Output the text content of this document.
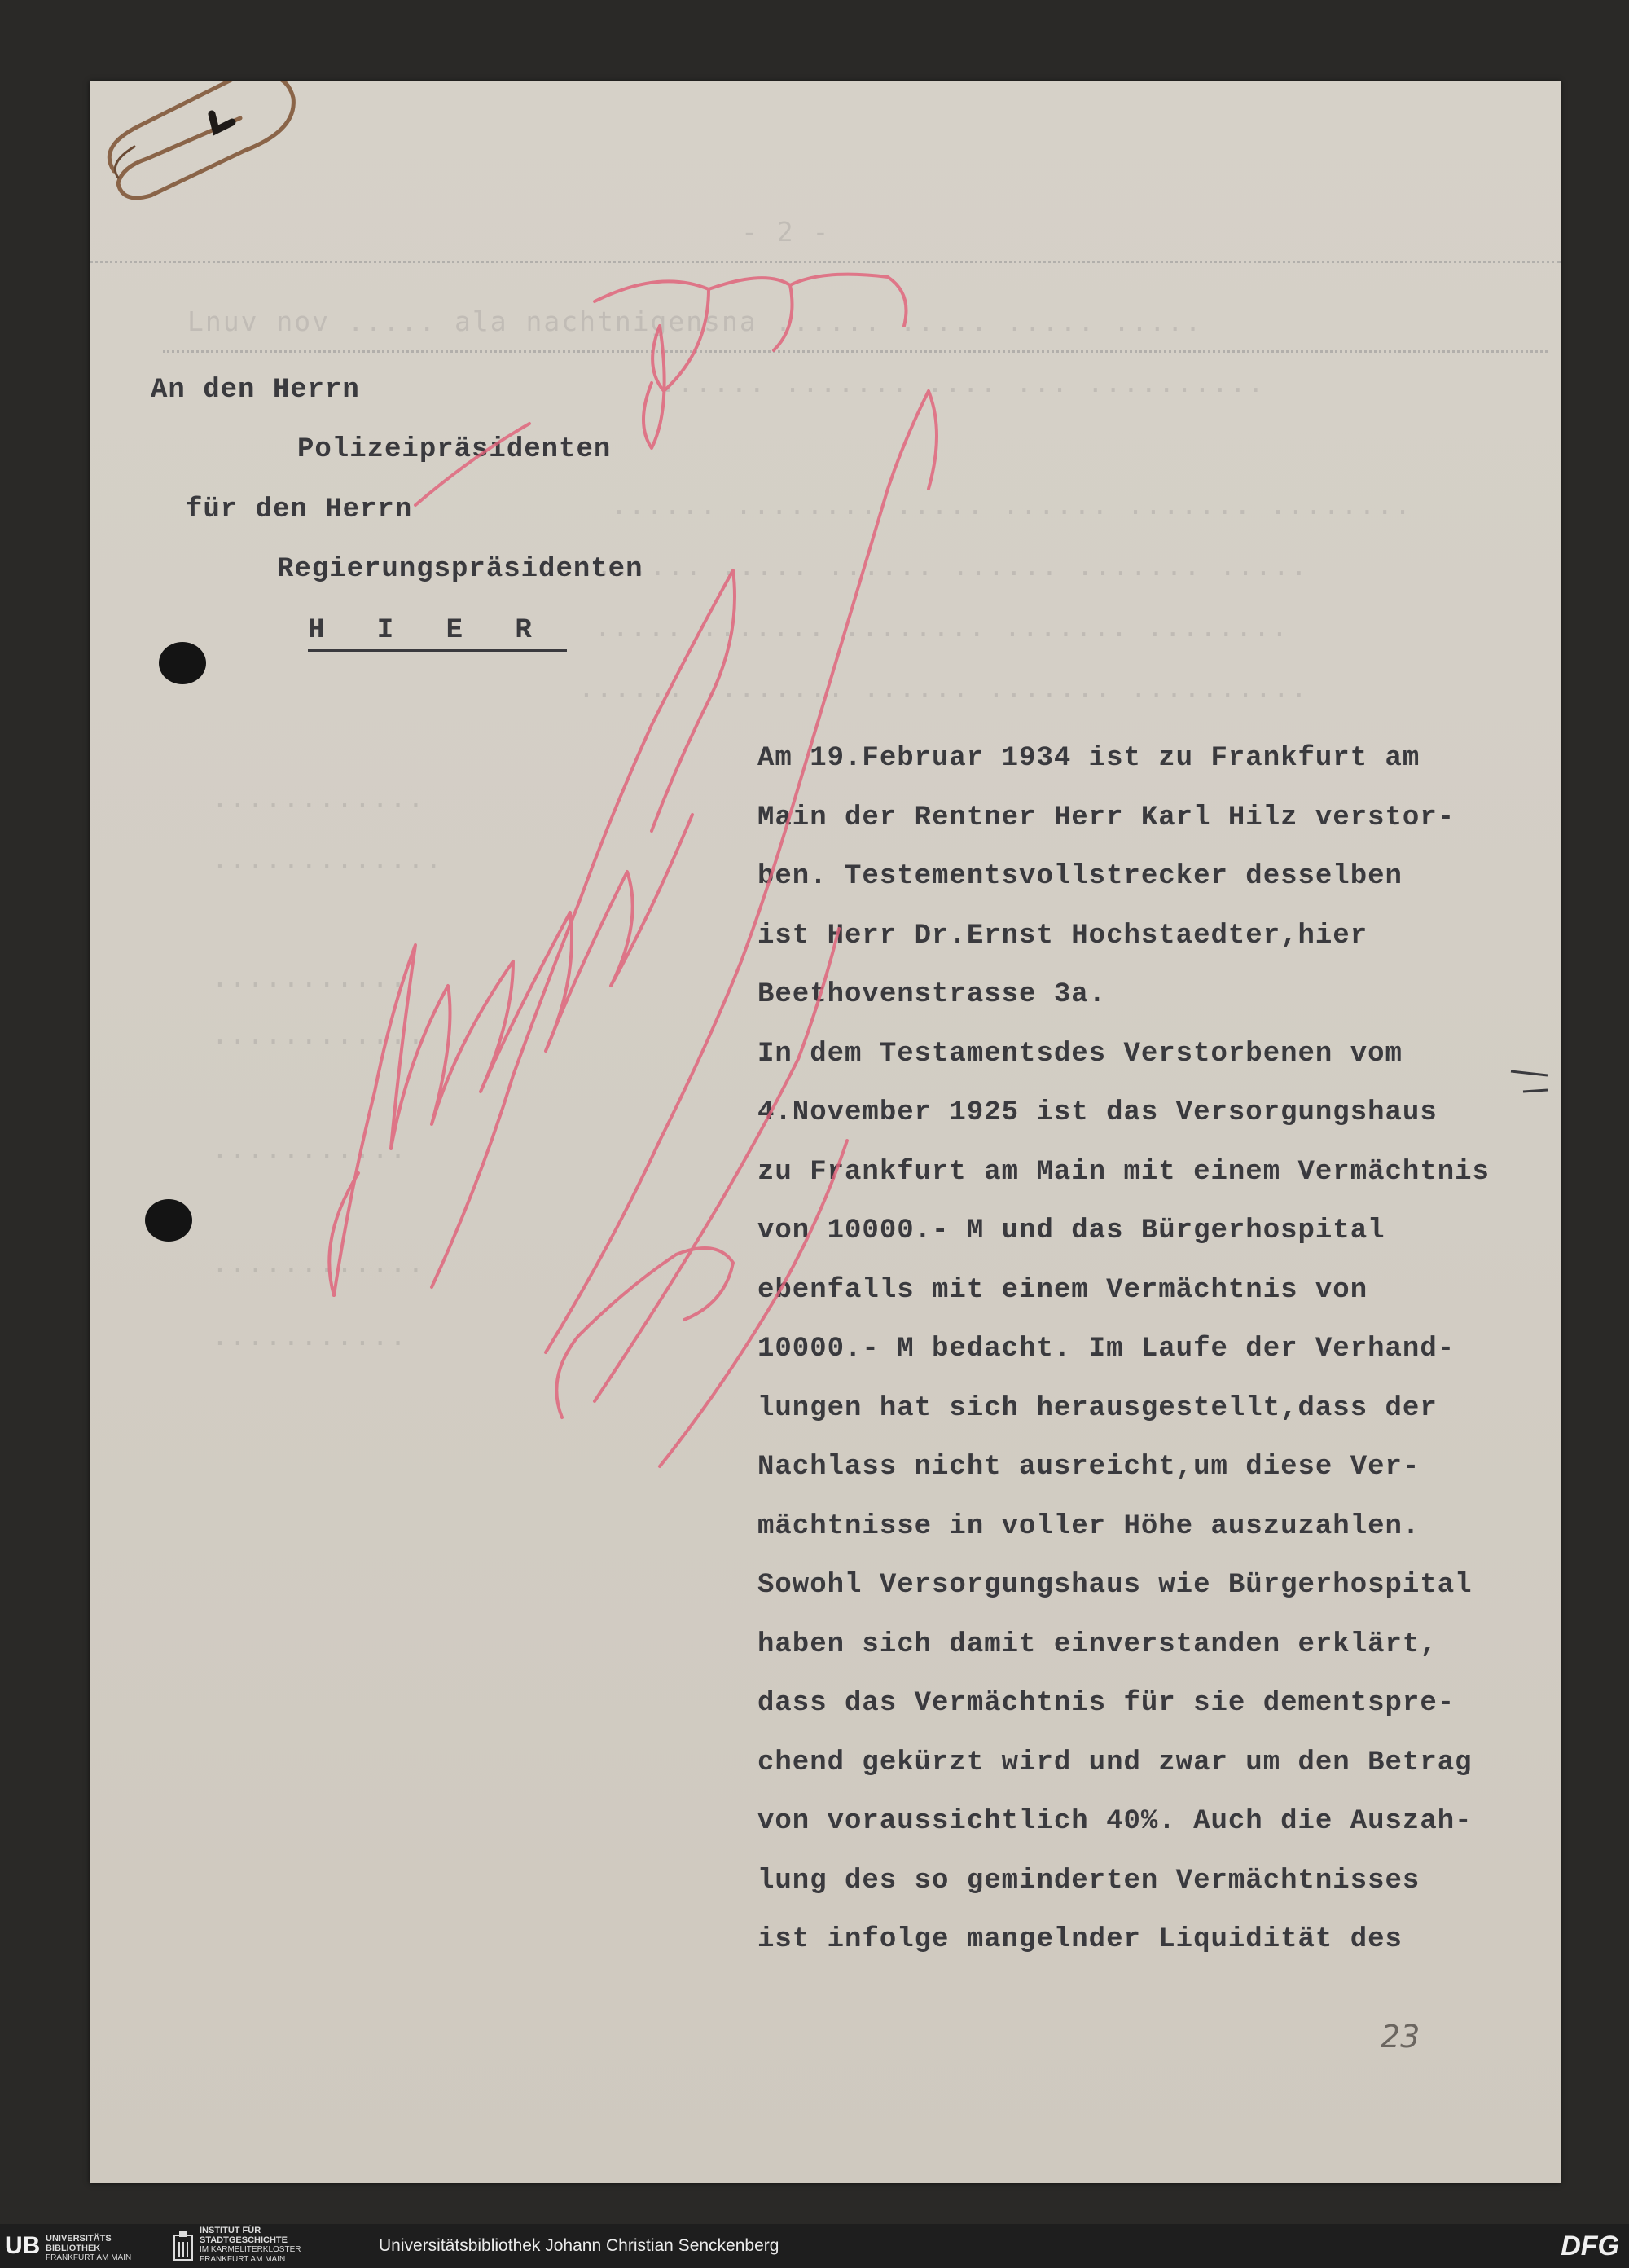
- 2 -
Lnuv nov ..... ala nachtnigensna ...... ..... ..... .....
...... ....... .... ... ..........
...... ........ ..... ...... ....... ........
....... ..... ...... ...... ....... .....
..... ....... ........ ....... ........
...... ........ ...... ....... ..........
............
.............
...........
............
...........
............
...........
An den Herrn
Polizeipräsidenten
für den Herrn
Regierungspräsidenten
H I E R
Am 19.Februar 1934 ist zu Frankfurt am
Main der Rentner Herr Karl Hilz verstor-
ben. Testementsvollstrecker desselben
ist Herr Dr.Ernst Hochstaedter,hier
Beethovenstrasse 3a.
In dem Testamentsdes Verstorbenen vom
4.November 1925 ist das Versorgungshaus
zu Frankfurt am Main mit einem Vermächtnis
von 10000.- M und das Bürgerhospital
ebenfalls mit einem Vermächtnis von
10000.- M bedacht. Im Laufe der Verhand-
lungen hat sich herausgestellt,dass der
Nachlass nicht ausreicht,um diese Ver-
mächtnisse in voller Höhe auszuzahlen.
Sowohl Versorgungshaus wie Bürgerhospital
haben sich damit einverstanden erklärt,
dass das Vermächtnis für sie dementspre-
chend gekürzt wird und zwar um den Betrag
von voraussichtlich 40%. Auch die Auszah-
lung des so geminderten Vermächtnisses
ist infolge mangelnder Liquidität des
23
UB UNIVERSITÄTS
BIBLIOTHEK
FRANKFURT AM MAIN
INSTITUT FÜR
STADTGESCHICHTE
IM KARMELITERKLOSTER
FRANKFURT AM MAIN
Universitätsbibliothek Johann Christian Senckenberg	DFG
